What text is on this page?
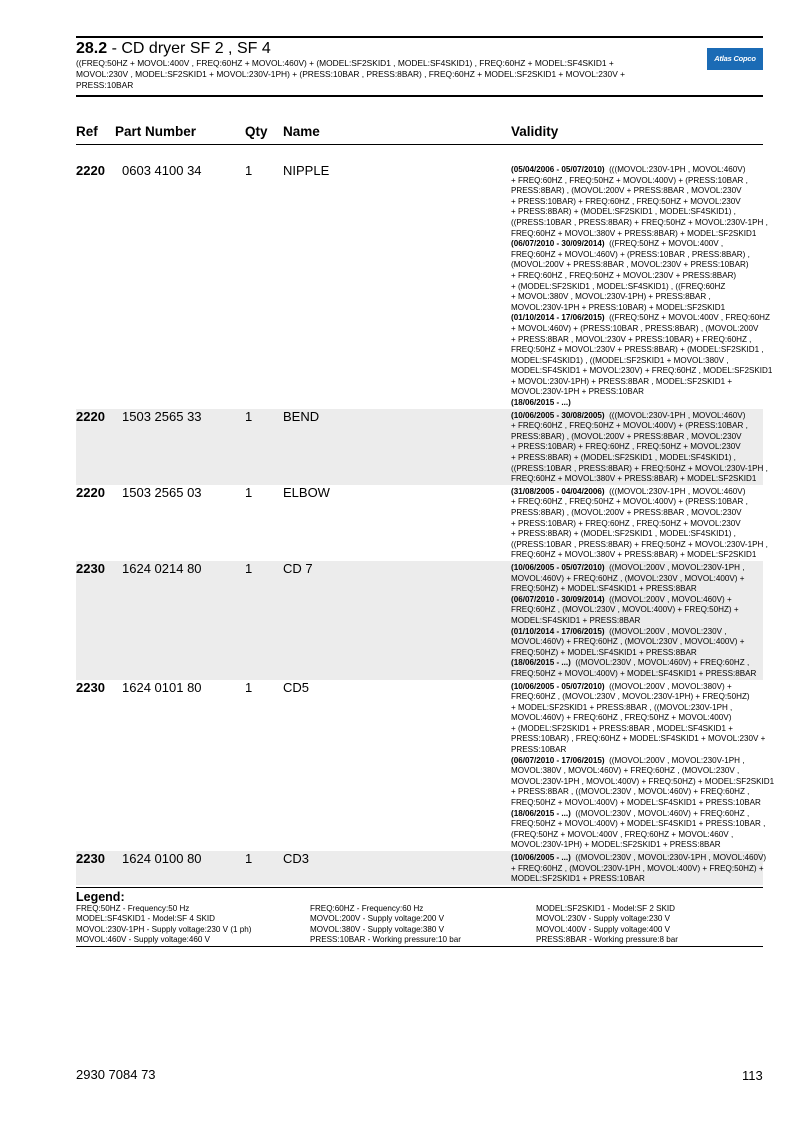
28.2 - CD dryer SF 2 , SF 4
((FREQ:50HZ + MOVOL:400V , FREQ:60HZ + MOVOL:460V) + (MODEL:SF2SKID1 , MODEL:SF4SKID1) , FREQ:60HZ + MODEL:SF4SKID1 +
MOVOL:230V , MODEL:SF2SKID1 + MOVOL:230V-1PH) + (PRESS:10BAR , PRESS:8BAR) , FREQ:60HZ + MODEL:SF2SKID1 + MOVOL:230V +
PRESS:10BAR
Atlas Copco
Ref Part Number	Qty Name	Validity
2220 0603 4100 34	1 NIPPLE	(05/04/2006 - 05/07/2010)  (((MOVOL:230V-1PH , MOVOL:460V)
+ FREQ:60HZ , FREQ:50HZ + MOVOL:400V) + (PRESS:10BAR ,
PRESS:8BAR) , (MOVOL:200V + PRESS:8BAR , MOVOL:230V
+ PRESS:10BAR) + FREQ:60HZ , FREQ:50HZ + MOVOL:230V
+ PRESS:8BAR) + (MODEL:SF2SKID1 , MODEL:SF4SKID1) ,
((PRESS:10BAR , PRESS:8BAR) + FREQ:50HZ + MOVOL:230V-1PH ,
FREQ:60HZ + MOVOL:380V + PRESS:8BAR) + MODEL:SF2SKID1
(06/07/2010 - 30/09/2014)  ((FREQ:50HZ + MOVOL:400V ,
FREQ:60HZ + MOVOL:460V) + (PRESS:10BAR , PRESS:8BAR) ,
(MOVOL:200V + PRESS:8BAR , MOVOL:230V + PRESS:10BAR)
+ FREQ:60HZ , FREQ:50HZ + MOVOL:230V + PRESS:8BAR)
+ (MODEL:SF2SKID1 , MODEL:SF4SKID1) , ((FREQ:60HZ
+ MOVOL:380V , MOVOL:230V-1PH) + PRESS:8BAR ,
MOVOL:230V-1PH + PRESS:10BAR) + MODEL:SF2SKID1
(01/10/2014 - 17/06/2015)  ((FREQ:50HZ + MOVOL:400V , FREQ:60HZ
+ MOVOL:460V) + (PRESS:10BAR , PRESS:8BAR) , (MOVOL:200V
+ PRESS:8BAR , MOVOL:230V + PRESS:10BAR) + FREQ:60HZ ,
FREQ:50HZ + MOVOL:230V + PRESS:8BAR) + (MODEL:SF2SKID1 ,
MODEL:SF4SKID1) , ((MODEL:SF2SKID1 + MOVOL:380V ,
MODEL:SF4SKID1 + MOVOL:230V) + FREQ:60HZ , MODEL:SF2SKID1
+ MOVOL:230V-1PH) + PRESS:8BAR , MODEL:SF2SKID1 +
MOVOL:230V-1PH + PRESS:10BAR
(18/06/2015 - ...)
2220 1503 2565 33	1 BEND	(10/06/2005 - 30/08/2005)  (((MOVOL:230V-1PH , MOVOL:460V)
+ FREQ:60HZ , FREQ:50HZ + MOVOL:400V) + (PRESS:10BAR ,
PRESS:8BAR) , (MOVOL:200V + PRESS:8BAR , MOVOL:230V
+ PRESS:10BAR) + FREQ:60HZ , FREQ:50HZ + MOVOL:230V
+ PRESS:8BAR) + (MODEL:SF2SKID1 , MODEL:SF4SKID1) ,
((PRESS:10BAR , PRESS:8BAR) + FREQ:50HZ + MOVOL:230V-1PH ,
FREQ:60HZ + MOVOL:380V + PRESS:8BAR) + MODEL:SF2SKID1
2220 1503 2565 03	1 ELBOW	(31/08/2005 - 04/04/2006)  (((MOVOL:230V-1PH , MOVOL:460V)
+ FREQ:60HZ , FREQ:50HZ + MOVOL:400V) + (PRESS:10BAR ,
PRESS:8BAR) , (MOVOL:200V + PRESS:8BAR , MOVOL:230V
+ PRESS:10BAR) + FREQ:60HZ , FREQ:50HZ + MOVOL:230V
+ PRESS:8BAR) + (MODEL:SF2SKID1 , MODEL:SF4SKID1) ,
((PRESS:10BAR , PRESS:8BAR) + FREQ:50HZ + MOVOL:230V-1PH ,
FREQ:60HZ + MOVOL:380V + PRESS:8BAR) + MODEL:SF2SKID1
2230 1624 0214 80	1 CD 7	(10/06/2005 - 05/07/2010)  ((MOVOL:200V , MOVOL:230V-1PH ,
MOVOL:460V) + FREQ:60HZ , (MOVOL:230V , MOVOL:400V) +
FREQ:50HZ) + MODEL:SF4SKID1 + PRESS:8BAR
(06/07/2010 - 30/09/2014)  ((MOVOL:200V , MOVOL:460V) +
FREQ:60HZ , (MOVOL:230V , MOVOL:400V) + FREQ:50HZ) +
MODEL:SF4SKID1 + PRESS:8BAR
(01/10/2014 - 17/06/2015)  ((MOVOL:200V , MOVOL:230V ,
MOVOL:460V) + FREQ:60HZ , (MOVOL:230V , MOVOL:400V) +
FREQ:50HZ) + MODEL:SF4SKID1 + PRESS:8BAR
(18/06/2015 - ...)  ((MOVOL:230V , MOVOL:460V) + FREQ:60HZ ,
FREQ:50HZ + MOVOL:400V) + MODEL:SF4SKID1 + PRESS:8BAR
2230 1624 0101 80	1 CD5	(10/06/2005 - 05/07/2010)  ((MOVOL:200V , MOVOL:380V) +
FREQ:60HZ , (MOVOL:230V , MOVOL:230V-1PH) + FREQ:50HZ)
+ MODEL:SF2SKID1 + PRESS:8BAR , ((MOVOL:230V-1PH ,
MOVOL:460V) + FREQ:60HZ , FREQ:50HZ + MOVOL:400V)
+ (MODEL:SF2SKID1 + PRESS:8BAR , MODEL:SF4SKID1 +
PRESS:10BAR) , FREQ:60HZ + MODEL:SF4SKID1 + MOVOL:230V +
PRESS:10BAR
(06/07/2010 - 17/06/2015)  ((MOVOL:200V , MOVOL:230V-1PH ,
MOVOL:380V , MOVOL:460V) + FREQ:60HZ , (MOVOL:230V ,
MOVOL:230V-1PH , MOVOL:400V) + FREQ:50HZ) + MODEL:SF2SKID1
+ PRESS:8BAR , ((MOVOL:230V , MOVOL:460V) + FREQ:60HZ ,
FREQ:50HZ + MOVOL:400V) + MODEL:SF4SKID1 + PRESS:10BAR
(18/06/2015 - ...)  ((MOVOL:230V , MOVOL:460V) + FREQ:60HZ ,
FREQ:50HZ + MOVOL:400V) + MODEL:SF4SKID1 + PRESS:10BAR ,
(FREQ:50HZ + MOVOL:400V , FREQ:60HZ + MOVOL:460V ,
MOVOL:230V-1PH) + MODEL:SF2SKID1 + PRESS:8BAR
2230 1624 0100 80	1 CD3	(10/06/2005 - ...)  ((MOVOL:230V , MOVOL:230V-1PH , MOVOL:460V)
+ FREQ:60HZ , (MOVOL:230V-1PH , MOVOL:400V) + FREQ:50HZ) +
MODEL:SF2SKID1 + PRESS:10BAR
Legend:
FREQ:50HZ - Frequency:50 Hz
MODEL:SF4SKID1 - Model:SF 4 SKID
MOVOL:230V-1PH - Supply voltage:230 V (1 ph)
MOVOL:460V - Supply voltage:460 V
FREQ:60HZ - Frequency:60 Hz
MOVOL:200V - Supply voltage:200 V
MOVOL:380V - Supply voltage:380 V
PRESS:10BAR - Working pressure:10 bar
MODEL:SF2SKID1 - Model:SF 2 SKID
MOVOL:230V - Supply voltage:230 V
MOVOL:400V - Supply voltage:400 V
PRESS:8BAR - Working pressure:8 bar
2930 7084 73	113
